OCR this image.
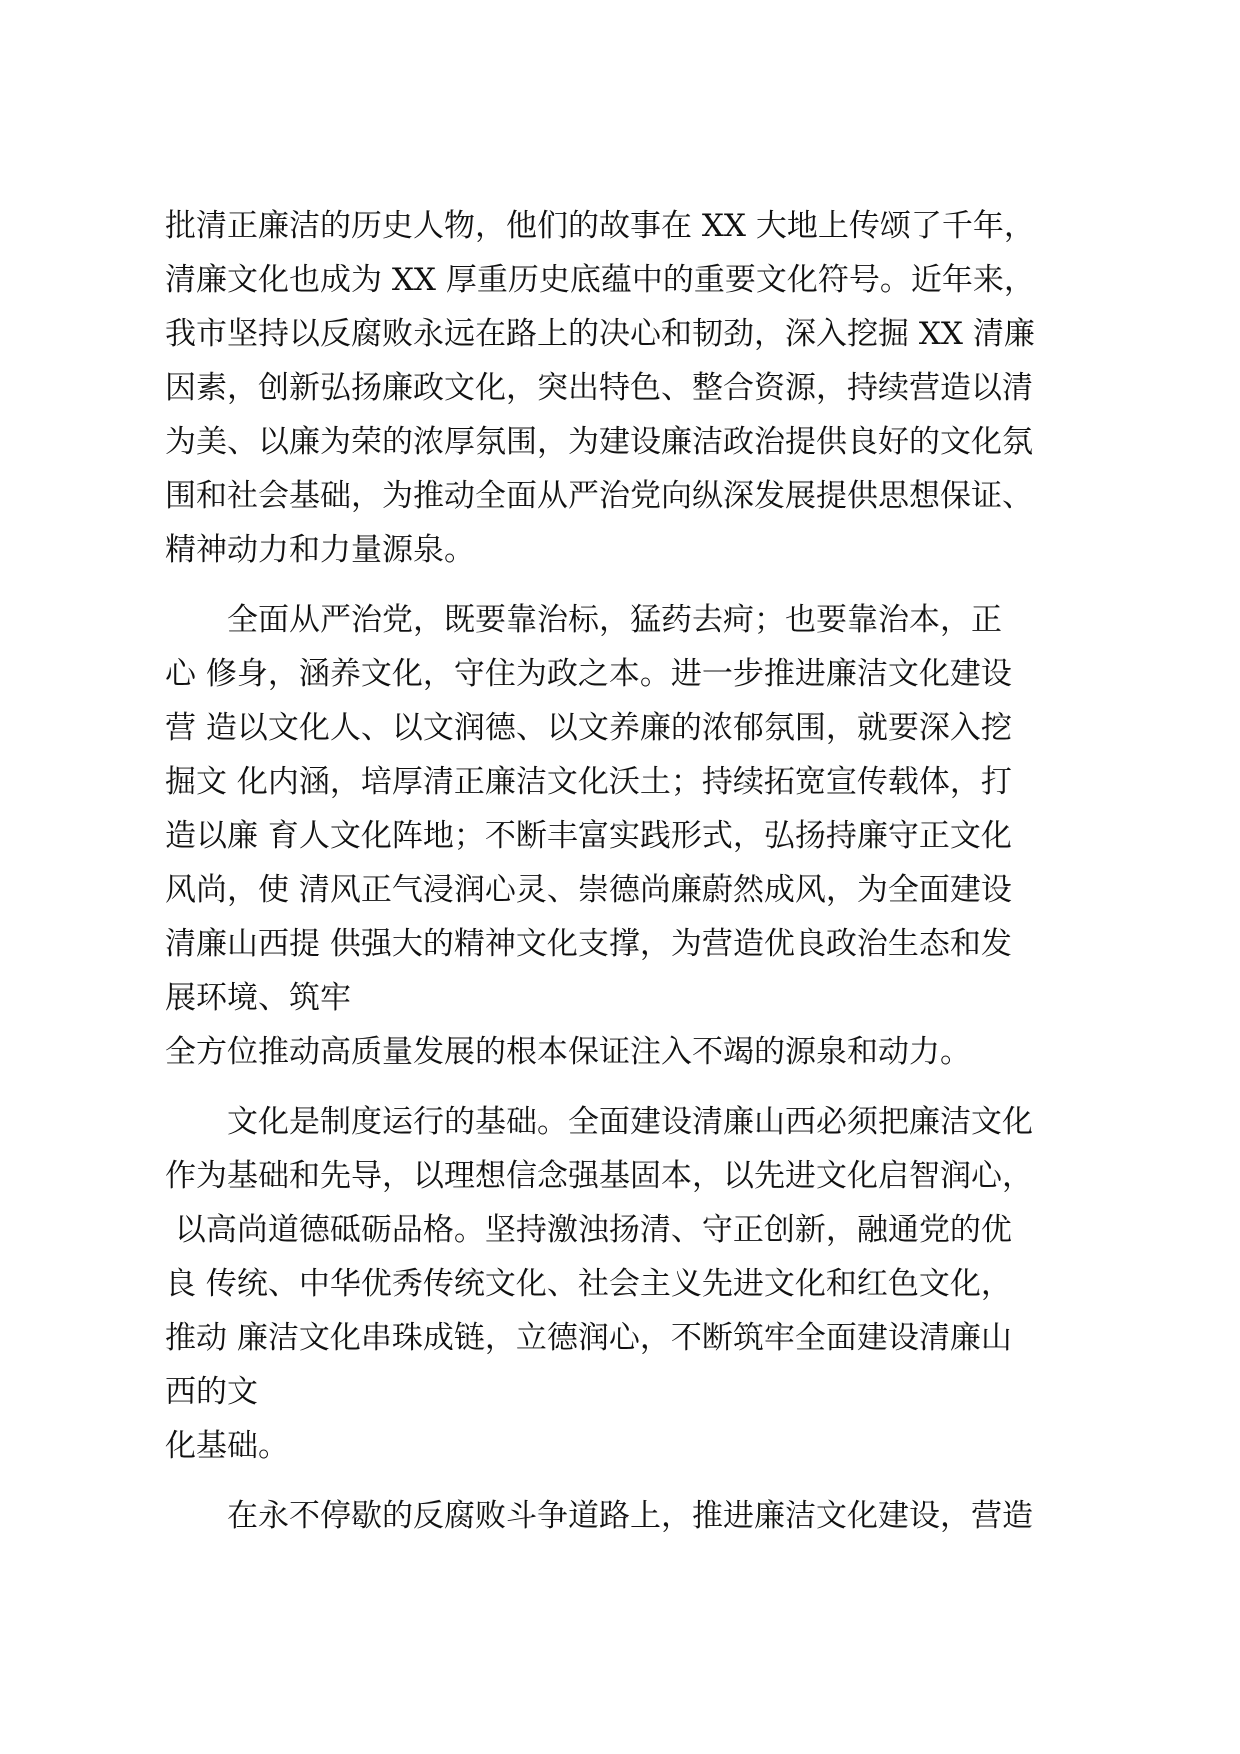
批清正廉洁的历史人物，他们的故事在 XX 大地上传颂了千年，
清廉文化也成为 XX 厚重历史底蕴中的重要文化符号。近年来，
我市坚持以反腐败永远在路上的决心和韧劲，深入挖掘 XX 清廉
因素，创新弘扬廉政文化，突出特色、整合资源，持续营造以清
为美、以廉为荣的浓厚氛围，为建设廉洁政治提供良好的文化氛
围和社会基础，为推动全面从严治党向纵深发展提供思想保证、
精神动力和力量源泉。
　　全面从严治党，既要靠治标，猛药去疴；也要靠治本，正
心 修身，涵养文化，守住为政之本。进一步推进廉洁文化建设
营 造以文化人、以文润德、以文养廉的浓郁氛围，就要深入挖
掘文 化内涵，培厚清正廉洁文化沃土；持续拓宽宣传载体，打
造以廉 育人文化阵地；不断丰富实践形式，弘扬持廉守正文化
风尚，使 清风正气浸润心灵、崇德尚廉蔚然成风，为全面建设
清廉山西提 供强大的精神文化支撑，为营造优良政治生态和发
展环境、筑牢
全方位推动高质量发展的根本保证注入不竭的源泉和动力。
　　文化是制度运行的基础。全面建设清廉山西必须把廉洁文化
作为基础和先导，以理想信念强基固本，以先进文化启智润心，
以高尚道德砥砺品格。坚持激浊扬清、守正创新，融通党的优
良 传统、中华优秀传统文化、社会主义先进文化和红色文化，
推动 廉洁文化串珠成链，立德润心，不断筑牢全面建设清廉山
西的文
化基础。
　　在永不停歇的反腐败斗争道路上，推进廉洁文化建设，营造
